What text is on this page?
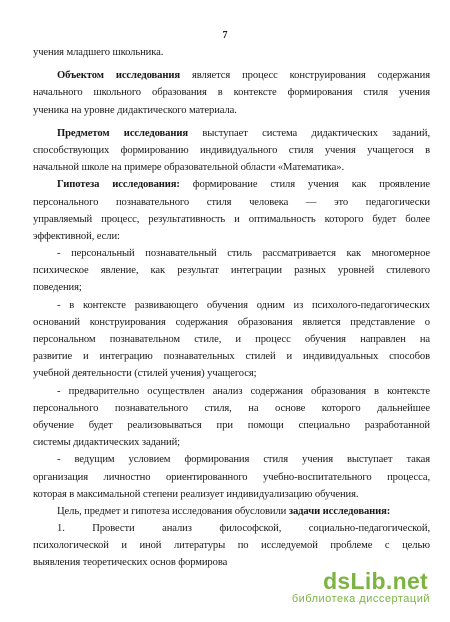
7
учения младшего школьника.
Объектом исследования является процесс конструирования содержания
начального школьного образования в контексте формирования стиля учения
ученика на уровне дидактического материала.
Предметом исследования выступает система дидактических заданий,
способствующих формированию индивидуального стиля учения учащегося в
начальной школе на примере образовательной области «Математика».
Гипотеза исследования: формирование стиля учения как проявление
персонального познавательного стиля человека — это педагогически
управляемый процесс, результативность и оптимальность которого будет более
эффективной, если:
- персональный познавательный стиль рассматривается как многомерное
психическое явление, как результат интеграции разных уровней стилевого
поведения;
- в контексте развивающего обучения одним из психолого-педагогических
оснований конструирования содержания образования является представление о
персональном познавательном стиле, и процесс обучения направлен на
развитие и интеграцию познавательных стилей и индивидуальных способов
учебной деятельности (стилей учения) учащегося;
- предварительно осуществлен анализ содержания образования в контексте
персонального познавательного стиля, на основе которого дальнейшее
обучение будет реализовываться при помощи специально разработанной
системы дидактических заданий;
- ведущим условием формирования стиля учения выступает такая
организация личностно ориентированного учебно-воспитательного процесса,
которая в максимальной степени реализует индивидуализацию обучения.
Цель, предмет и гипотеза исследования обусловили задачи исследования:
1. Провести анализ философской, социально-педагогической,
психологической и иной литературы по исследуемой проблеме с целью
выявления теоретических основ формирова
dsLib.net
библиотека диссертаций
